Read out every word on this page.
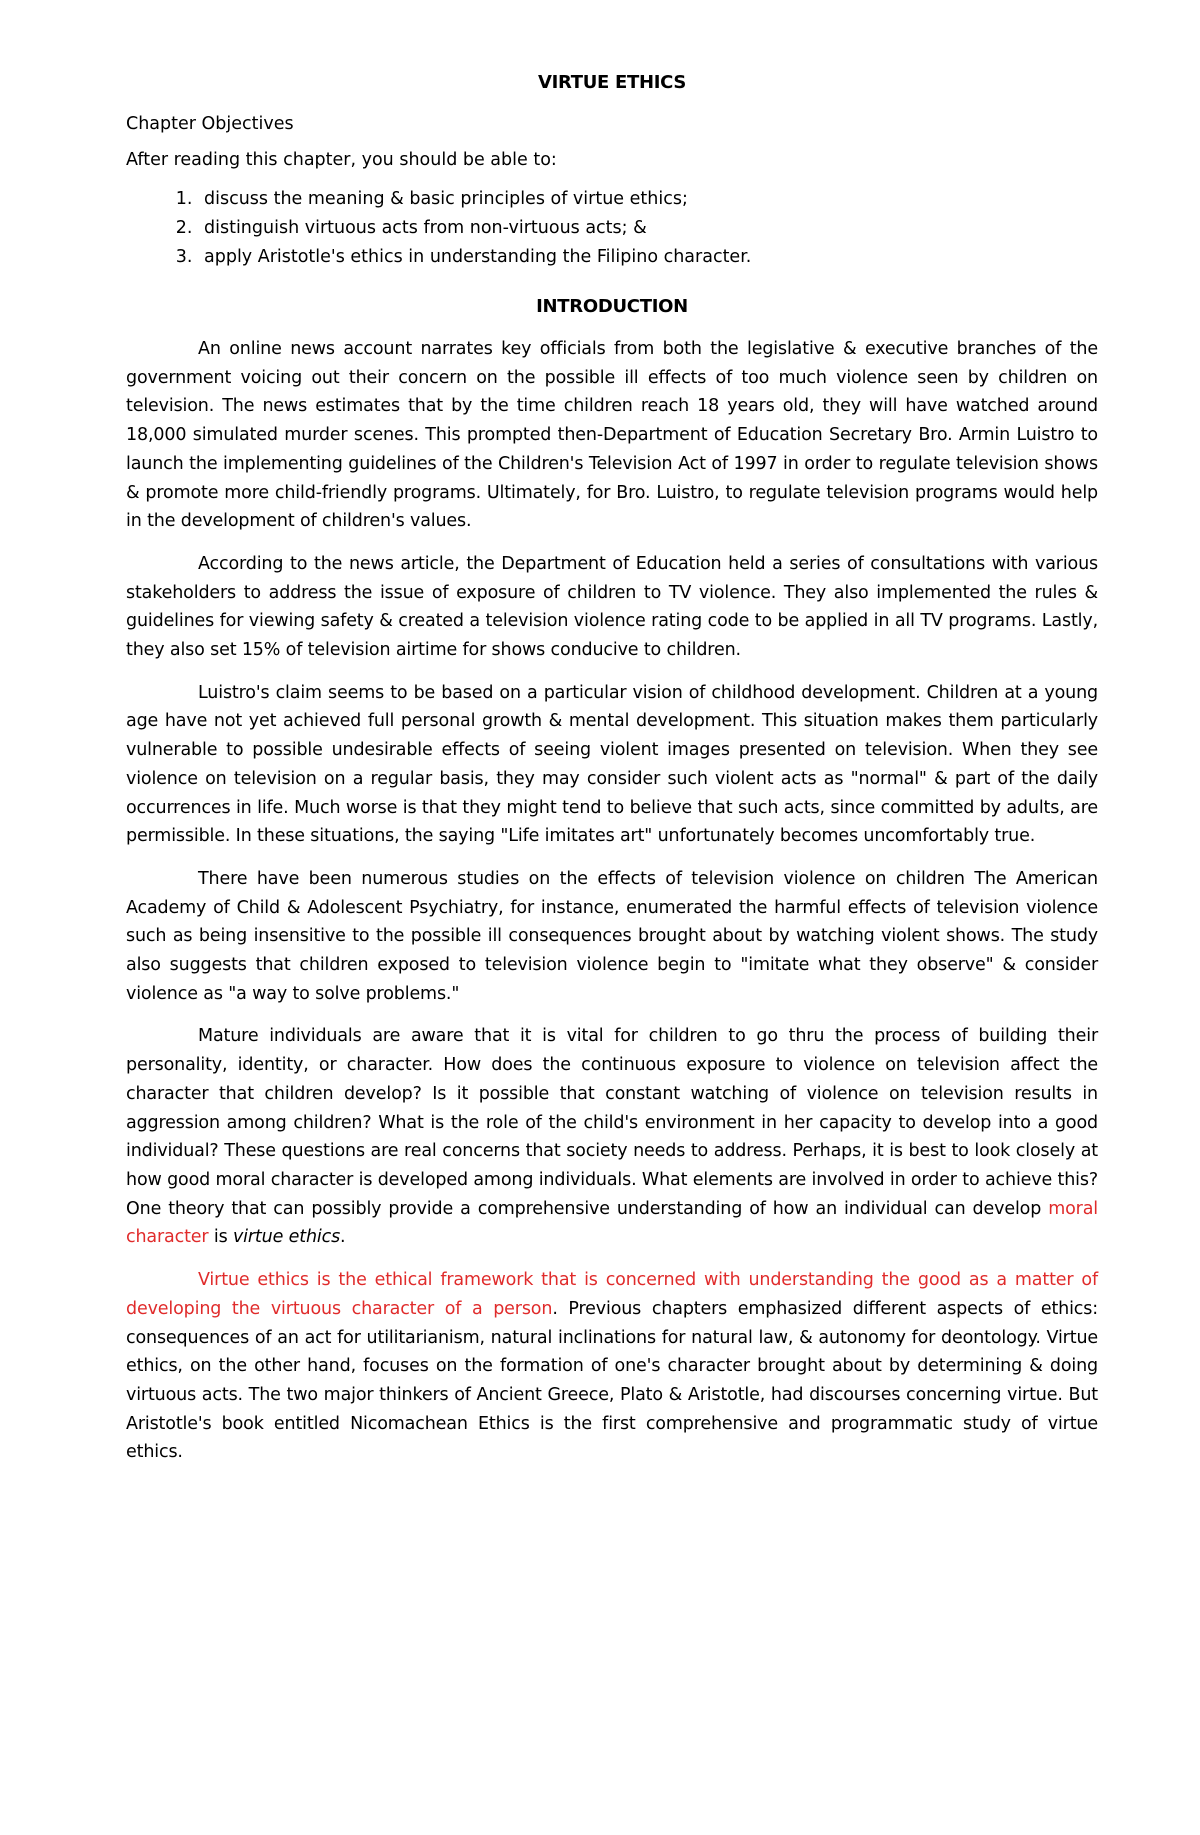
VIRTUE ETHICS

Chapter Objectives

After reading this chapter, you should be able to:

1. discuss the meaning & basic principles of virtue ethics;
2. distinguish virtuous acts from non-virtuous acts; &
3. apply Aristotle's ethics in understanding the Filipino character.
INTRODUCTION

An online news account narrates key officials from both the legislative & executive branches of the government voicing out their concern on the possible ill effects of too much violence seen by children on television. The news estimates that by the time children reach 18 years old, they will have watched around 18,000 simulated murder scenes. This prompted then-Department of Education Secretary Bro. Armin Luistro to launch the implementing guidelines of the Children's Television Act of 1997 in order to regulate television shows & promote more child-friendly programs. Ultimately, for Bro. Luistro, to regulate television programs would help in the development of children's values.

According to the news article, the Department of Education held a series of consultations with various stakeholders to address the issue of exposure of children to TV violence. They also implemented the rules & guidelines for viewing safety & created a television violence rating code to be applied in all TV programs. Lastly, they also set 15% of television airtime for shows conducive to children.

Luistro's claim seems to be based on a particular vision of childhood development. Children at a young age have not yet achieved full personal growth & mental development. This situation makes them particularly vulnerable to possible undesirable effects of seeing violent images presented on television. When they see violence on television on a regular basis, they may consider such violent acts as "normal" & part of the daily occurrences in life. Much worse is that they might tend to believe that such acts, since committed by adults, are permissible. In these situations, the saying "Life imitates art" unfortunately becomes uncomfortably true.

There have been numerous studies on the effects of television violence on children The American Academy of Child & Adolescent Psychiatry, for instance, enumerated the harmful effects of television violence such as being insensitive to the possible ill consequences brought about by watching violent shows. The study also suggests that children exposed to television violence begin to "imitate what they observe" & consider violence as "a way to solve problems."

Mature individuals are aware that it is vital for children to go thru the process of building their personality, identity, or character. How does the continuous exposure to violence on television affect the character that children develop? Is it possible that constant watching of violence on television results in aggression among children? What is the role of the child's environment in her capacity to develop into a good individual? These questions are real concerns that society needs to address. Perhaps, it is best to look closely at how good moral character is developed among individuals. What elements are involved in order to achieve this? One theory that can possibly provide a comprehensive understanding of how an individual can develop moral character is virtue ethics.

Virtue ethics is the ethical framework that is concerned with understanding the good as a matter of developing the virtuous character of a person. Previous chapters emphasized different aspects of ethics: consequences of an act for utilitarianism, natural inclinations for natural law, & autonomy for deontology. Virtue ethics, on the other hand, focuses on the formation of one's character brought about by determining & doing virtuous acts. The two major thinkers of Ancient Greece, Plato & Aristotle, had discourses concerning virtue. But Aristotle's book entitled Nicomachean Ethics is the first comprehensive and programmatic study of virtue ethics.
